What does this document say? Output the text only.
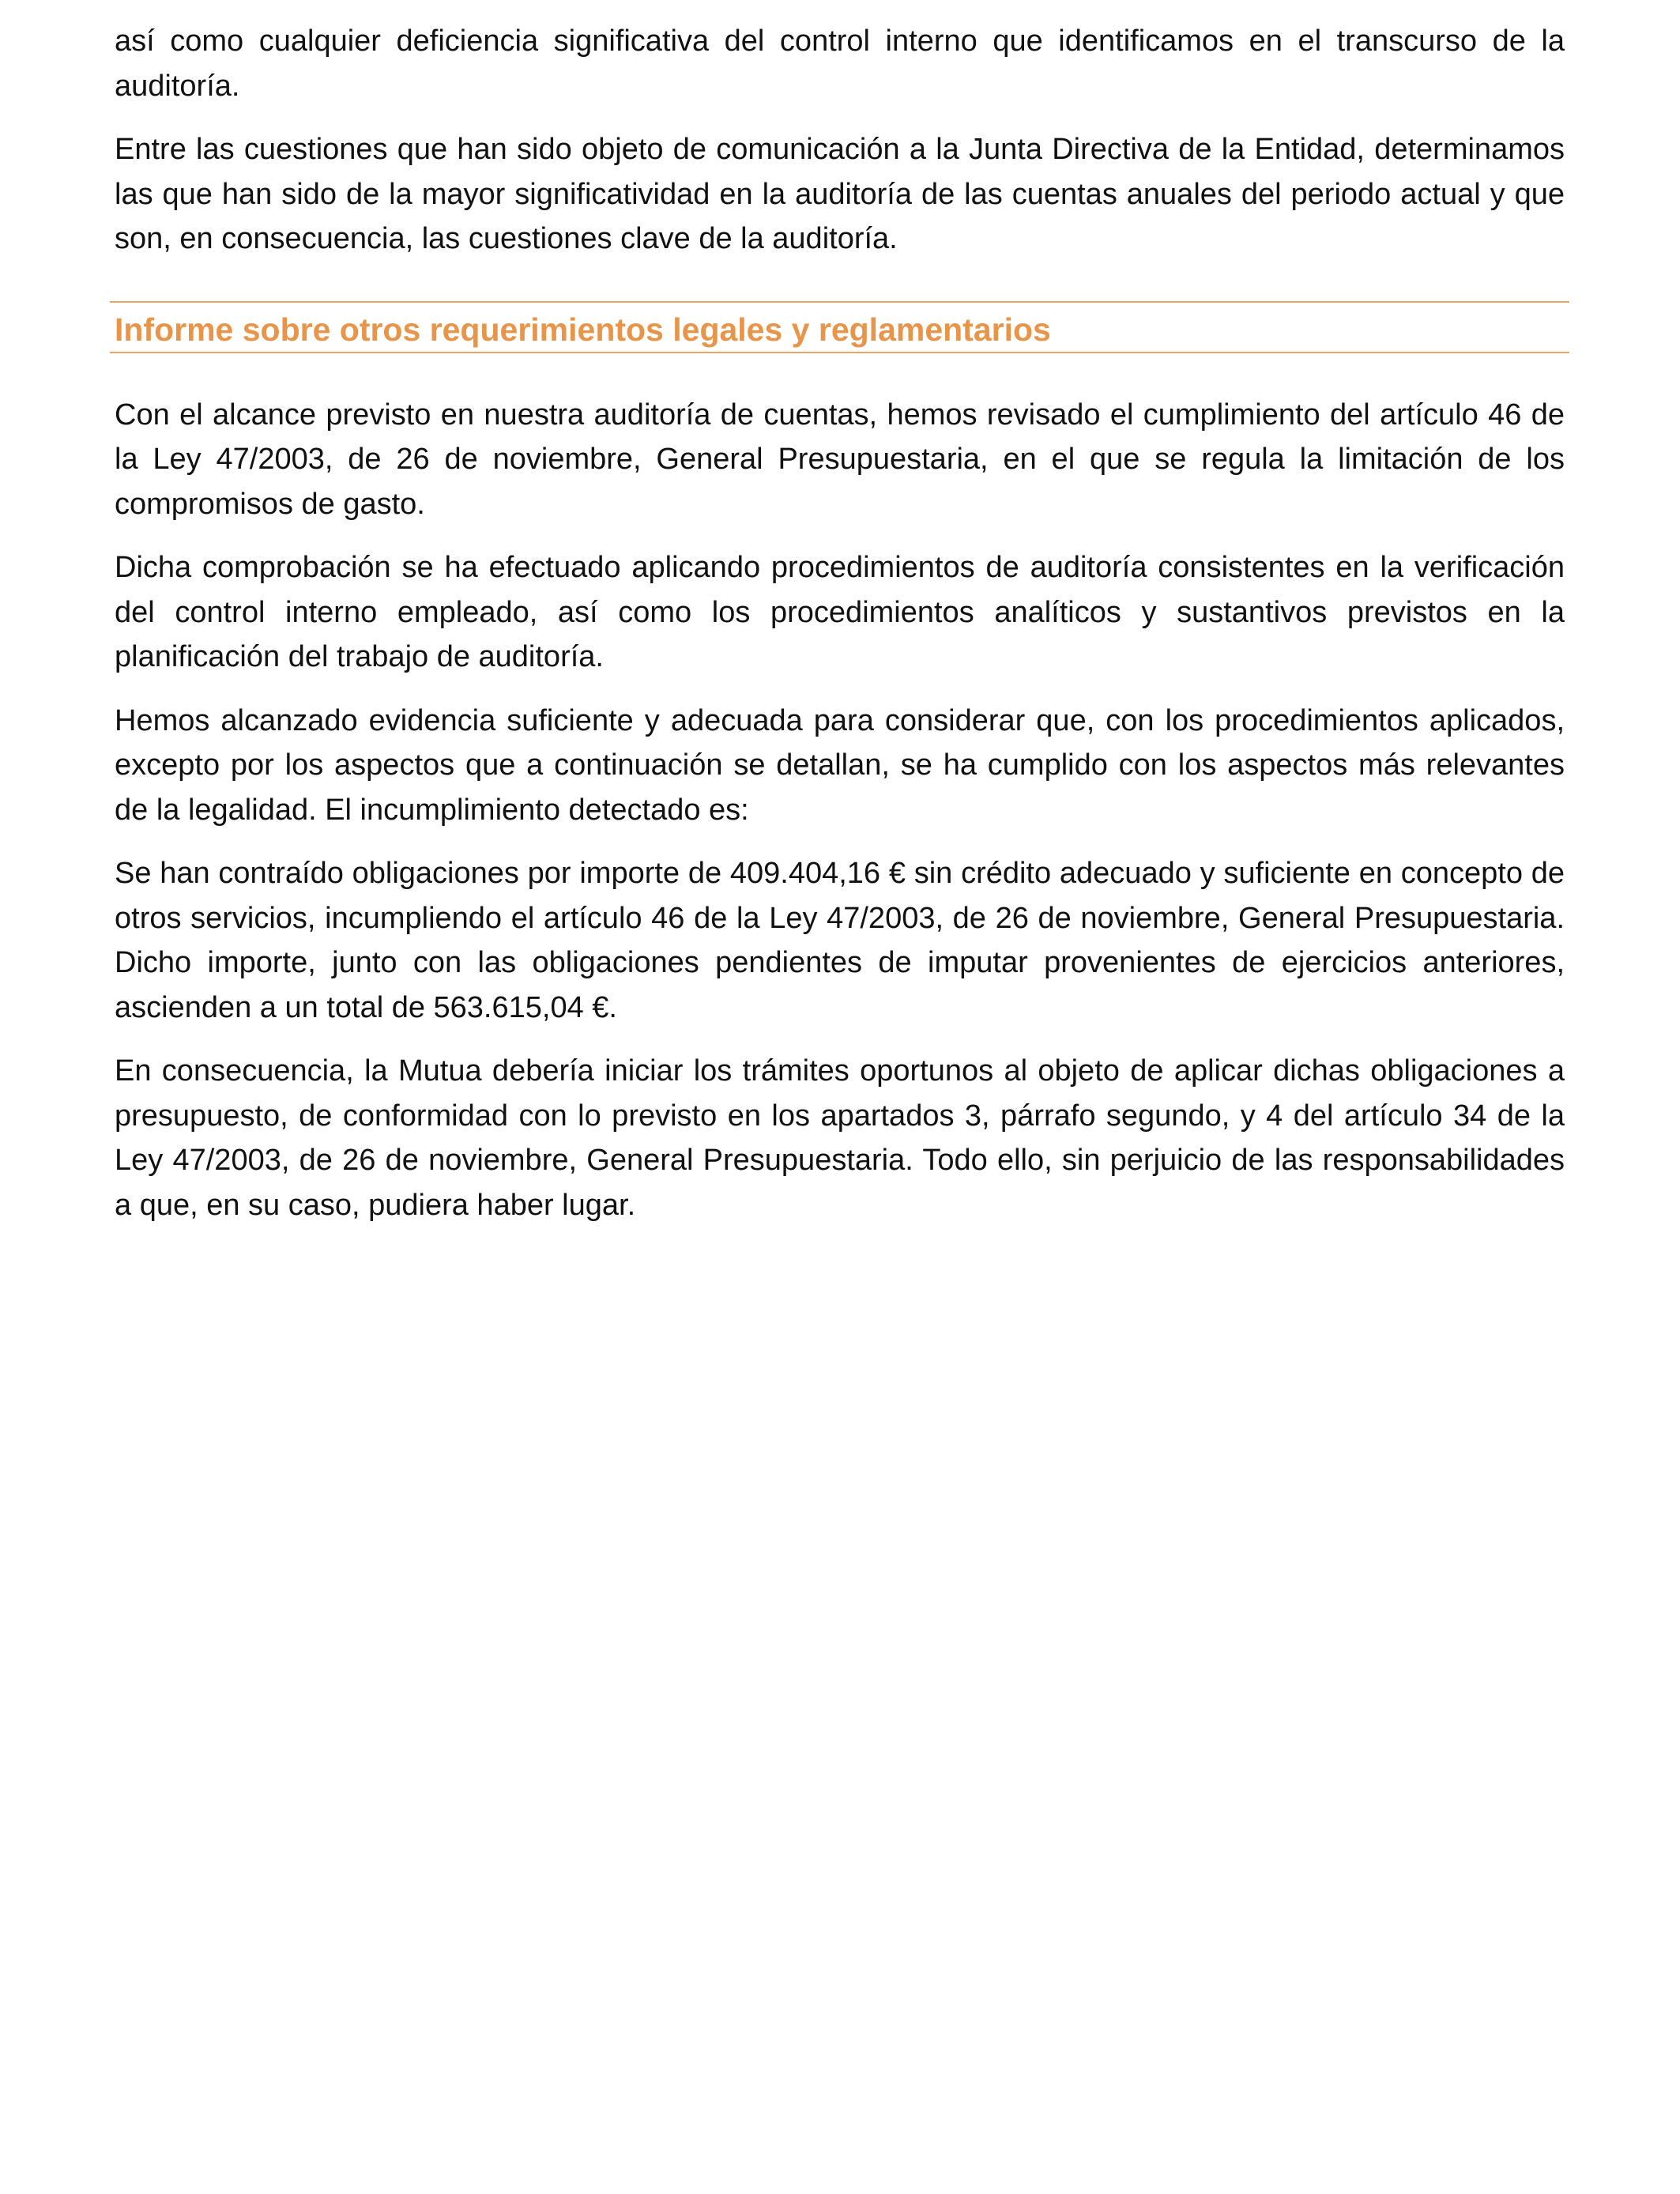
así como cualquier deficiencia significativa del control interno que identificamos en el transcurso de la auditoría.

Entre las cuestiones que han sido objeto de comunicación a la Junta Directiva de la Entidad, determinamos las que han sido de la mayor significatividad en la auditoría de las cuentas anuales del periodo actual y que son, en consecuencia, las cuestiones clave de la auditoría.

Informe sobre otros requerimientos legales y reglamentarios

Con el alcance previsto en nuestra auditoría de cuentas, hemos revisado el cumplimiento del artículo 46 de la Ley 47/2003, de 26 de noviembre, General Presupuestaria, en el que se regula la limitación de los compromisos de gasto.

Dicha comprobación se ha efectuado aplicando procedimientos de auditoría consistentes en la verificación del control interno empleado, así como los procedimientos analíticos y sustantivos previstos en la planificación del trabajo de auditoría.

Hemos alcanzado evidencia suficiente y adecuada para considerar que, con los procedimientos aplicados, excepto por los aspectos que a continuación se detallan, se ha cumplido con los aspectos más relevantes de la legalidad. El incumplimiento detectado es:

Se han contraído obligaciones por importe de 409.404,16 € sin crédito adecuado y suficiente en concepto de otros servicios, incumpliendo el artículo 46 de la Ley 47/2003, de 26 de noviembre, General Presupuestaria. Dicho importe, junto con las obligaciones pendientes de imputar provenientes de ejercicios anteriores, ascienden a un total de 563.615,04 €.

En consecuencia, la Mutua debería iniciar los trámites oportunos al objeto de aplicar dichas obligaciones a presupuesto, de conformidad con lo previsto en los apartados 3, párrafo segundo, y 4 del artículo 34 de la Ley 47/2003, de 26 de noviembre, General Presupuestaria. Todo ello, sin perjuicio de las responsabilidades a que, en su caso, pudiera haber lugar.
